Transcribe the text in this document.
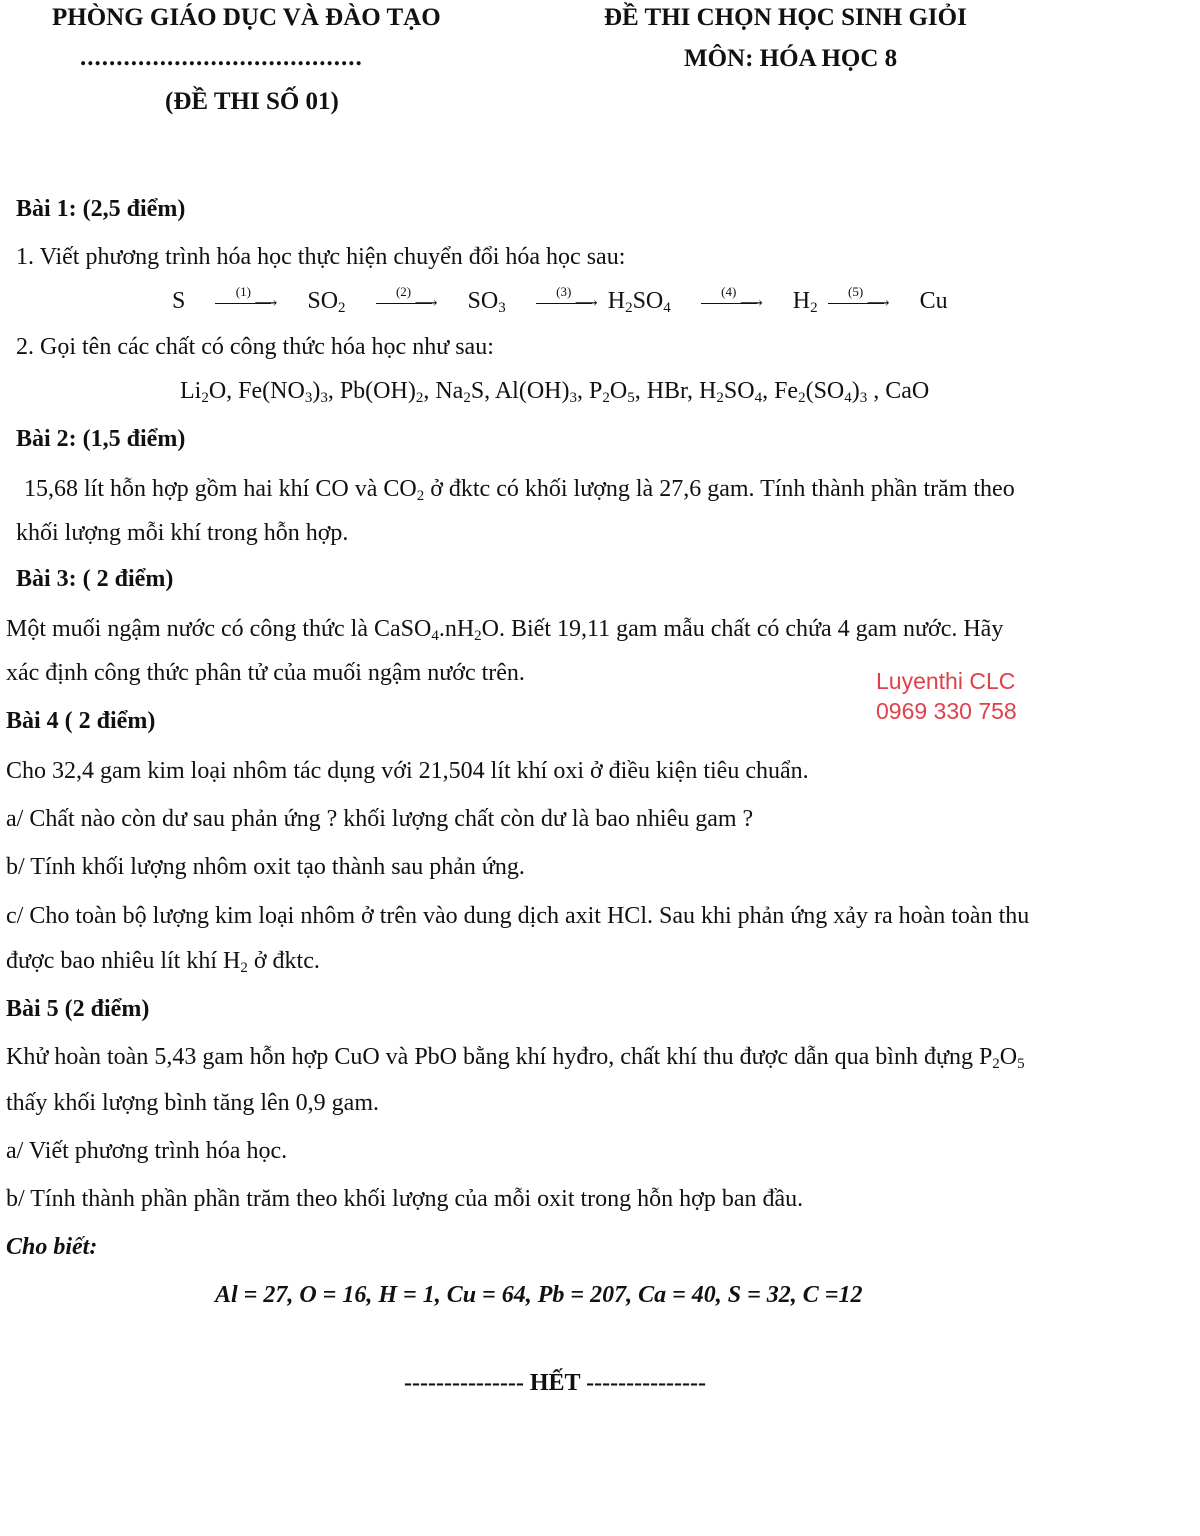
PHÒNG GIÁO DỤC VÀ ĐÀO TẠO
.......................................
(ĐỀ THI SỐ 01)
ĐỀ THI CHỌN HỌC SINH GIỎI
MÔN: HÓA HỌC 8
Bài 1: (2,5 điểm)
1. Viết phương trình hóa học thực hiện chuyển đổi hóa học sau:
S	(1)
⟶ $SO_2$
(2)
⟶ $SO_3$
(3)
⟶ $H_2SO_4$
(4)
⟶ $H_2$
(5)
⟶ Cu
2. Gọi tên các chất có công thức hóa học như sau:
$Li_2O$, $Fe(NO_3)_3$, $Pb(OH)_2$, $Na_2S$, $Al(OH)_3$, $P_2O_5$, HBr, $H_2SO_4$, $Fe_2(SO_4)_3$ , CaO
Bài 2: (1,5 điểm)
15,68 lít hỗn hợp gồm hai khí CO và $CO_2$ ở đktc có khối lượng là 27,6 gam. Tính thành phần trăm theo
khối lượng mỗi khí trong hỗn hợp.
Bài 3: ( 2 điểm)
Một muối ngậm nước có công thức là $CaSO_4.nH_2O$. Biết 19,11 gam mẫu chất có chứa 4 gam nước. Hãy
xác định công thức phân tử của muối ngậm nước trên.	Luyenthi CLC
0969 330 758
Bài 4 ( 2 điểm)
Cho 32,4 gam kim loại nhôm tác dụng với 21,504 lít khí oxi ở điều kiện tiêu chuẩn.
a/ Chất nào còn dư sau phản ứng ? khối lượng chất còn dư là bao nhiêu gam ?
b/ Tính khối lượng nhôm oxit tạo thành sau phản ứng.
c/ Cho toàn bộ lượng kim loại nhôm ở trên vào dung dịch axit HCl. Sau khi phản ứng xảy ra hoàn toàn thu
được bao nhiêu lít khí $H_2$ ở đktc.
Bài 5 (2 điểm)
Khử hoàn toàn 5,43 gam hỗn hợp CuO và PbO bằng khí hyđro, chất khí thu được dẫn qua bình đựng $P_2O_5$
thấy khối lượng bình tăng lên 0,9 gam.
a/ Viết phương trình hóa học.
b/ Tính thành phần phần trăm theo khối lượng của mỗi oxit trong hỗn hợp ban đầu.
Cho biết:
Al = 27, O = 16, H = 1, Cu = 64, Pb = 207, Ca = 40, S = 32, C =12
--------------- HẾT ---------------
